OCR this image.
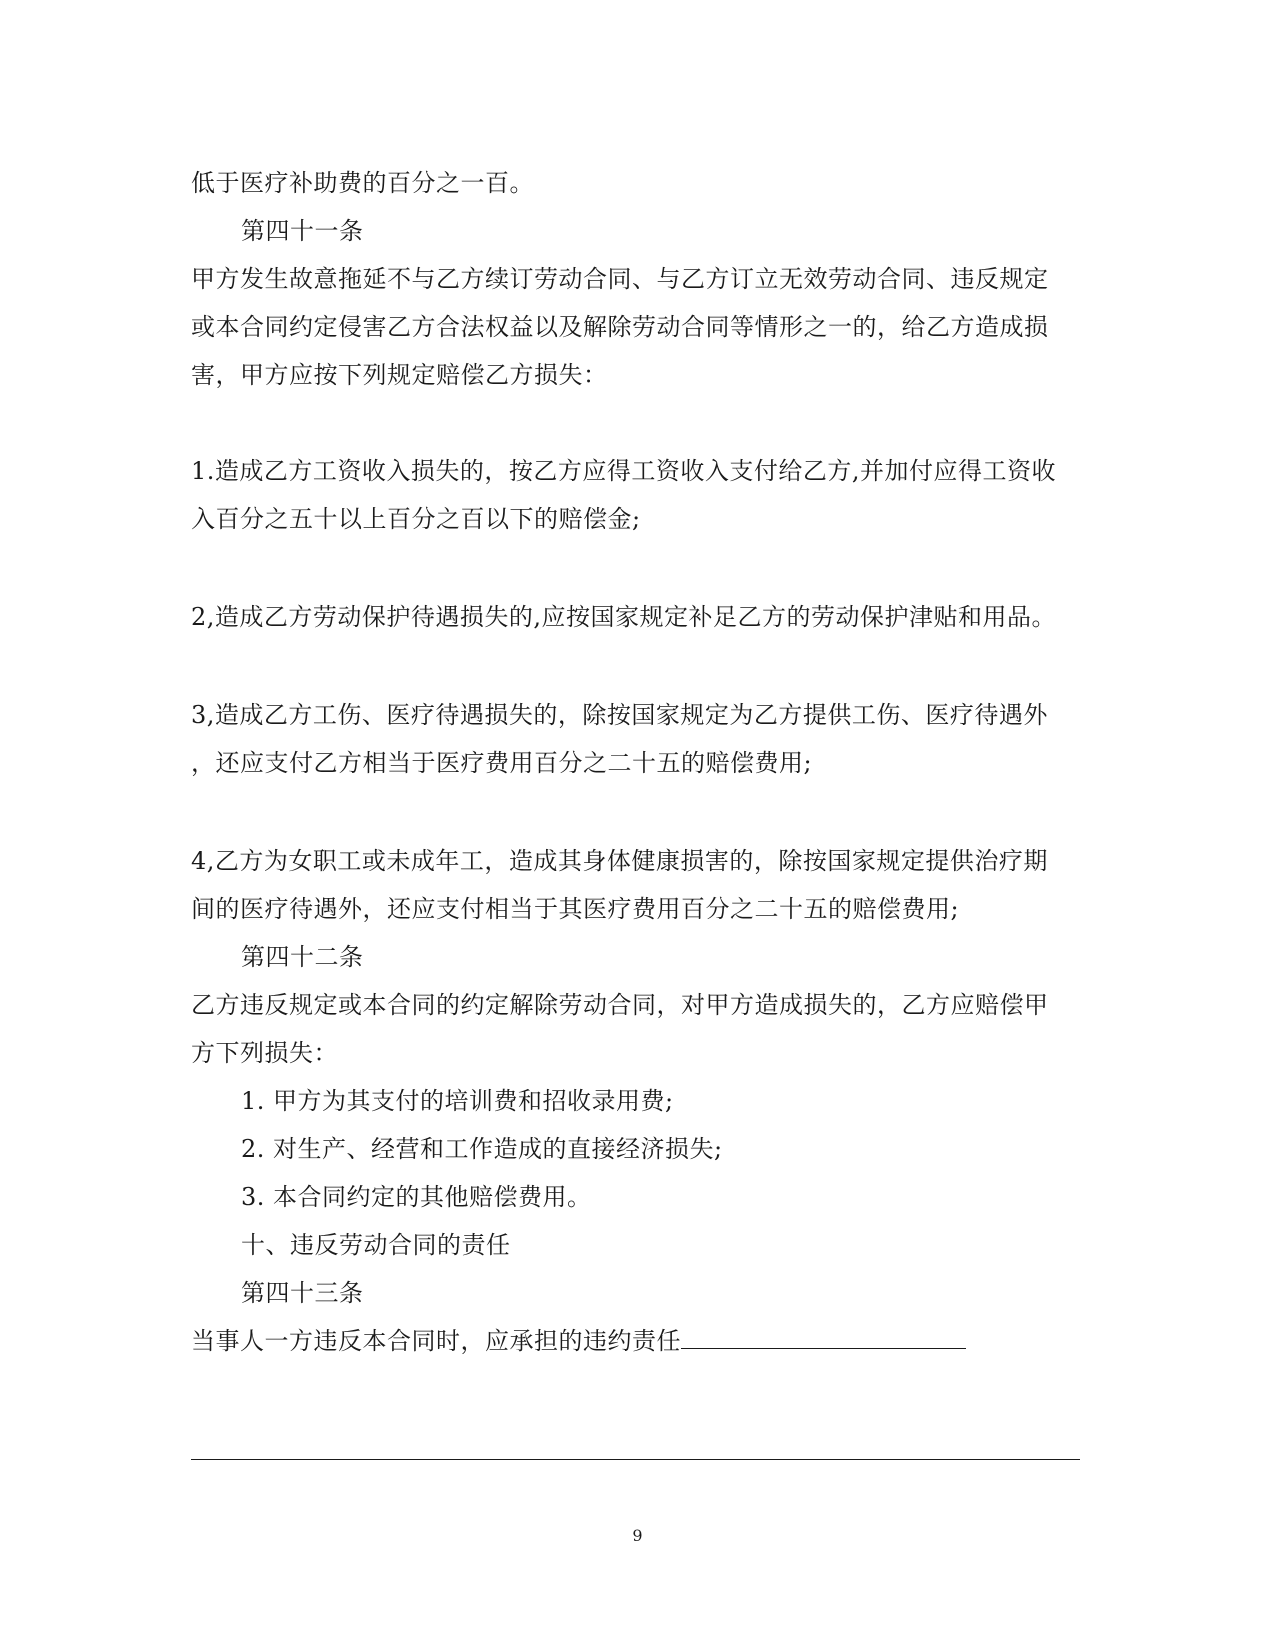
低于医疗补助费的百分之一百。
第四十一条
甲方发生故意拖延不与乙方续订劳动合同、与乙方订立无效劳动合同、违反规定
或本合同约定侵害乙方合法权益以及解除劳动合同等情形之一的，给乙方造成损
害，甲方应按下列规定赔偿乙方损失：
1.造成乙方工资收入损失的，按乙方应得工资收入支付给乙方,并加付应得工资收
入百分之五十以上百分之百以下的赔偿金;
2,造成乙方劳动保护待遇损失的,应按国家规定补足乙方的劳动保护津贴和用品。
3,造成乙方工伤、医疗待遇损失的，除按国家规定为乙方提供工伤、医疗待遇外
，还应支付乙方相当于医疗费用百分之二十五的赔偿费用;
4,乙方为女职工或未成年工，造成其身体健康损害的，除按国家规定提供治疗期
间的医疗待遇外，还应支付相当于其医疗费用百分之二十五的赔偿费用;
第四十二条
乙方违反规定或本合同的约定解除劳动合同，对甲方造成损失的，乙方应赔偿甲
方下列损失：
1. 甲方为其支付的培训费和招收录用费;
2. 对生产、经营和工作造成的直接经济损失;
3. 本合同约定的其他赔偿费用。
十、违反劳动合同的责任
第四十三条
当事人一方违反本合同时，应承担的违约责任
9
